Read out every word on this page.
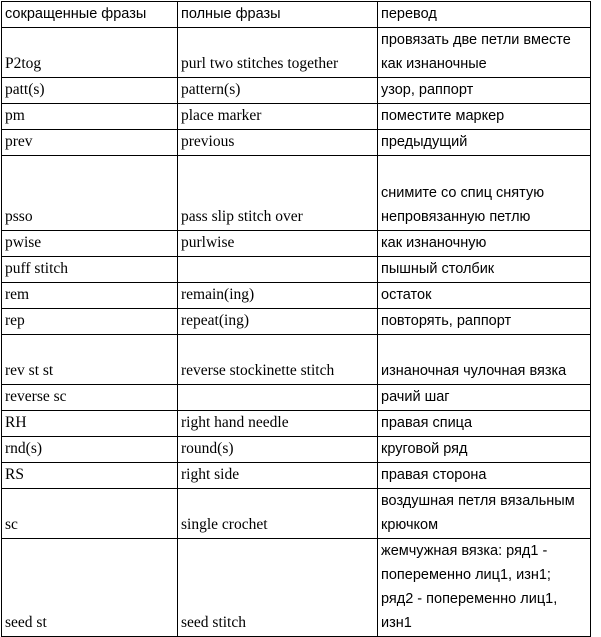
сокращенные фразы	полные фразы	перевод
P2tog	purl two stitches together	провязать две петли вместе как изнаночные

patt(s)	pattern(s)	узор, раппорт
pm	place marker	поместите маркер
prev	previous	предыдущий
psso	pass slip stitch over	снимите со спиц снятую непровязанную петлю

pwise	purlwise	как изнаночную
puff stitch		пышный столбик
rem	remain(ing)	остаток
rep	repeat(ing)	повторять, раппорт
rev st st	reverse stockinette stitch	изнаночная чулочная вязка

reverse sc		рачий шаг
RH	right hand needle	правая спица
rnd(s)	round(s)	круговой ряд
RS	right side	правая сторона
sc	single crochet	воздушная петля вязальным крючком

seed st	seed stitch	жемчужная вязка: ряд1 - попеременно лиц1, изн1; ряд2 - попеременно лиц1, изн1
